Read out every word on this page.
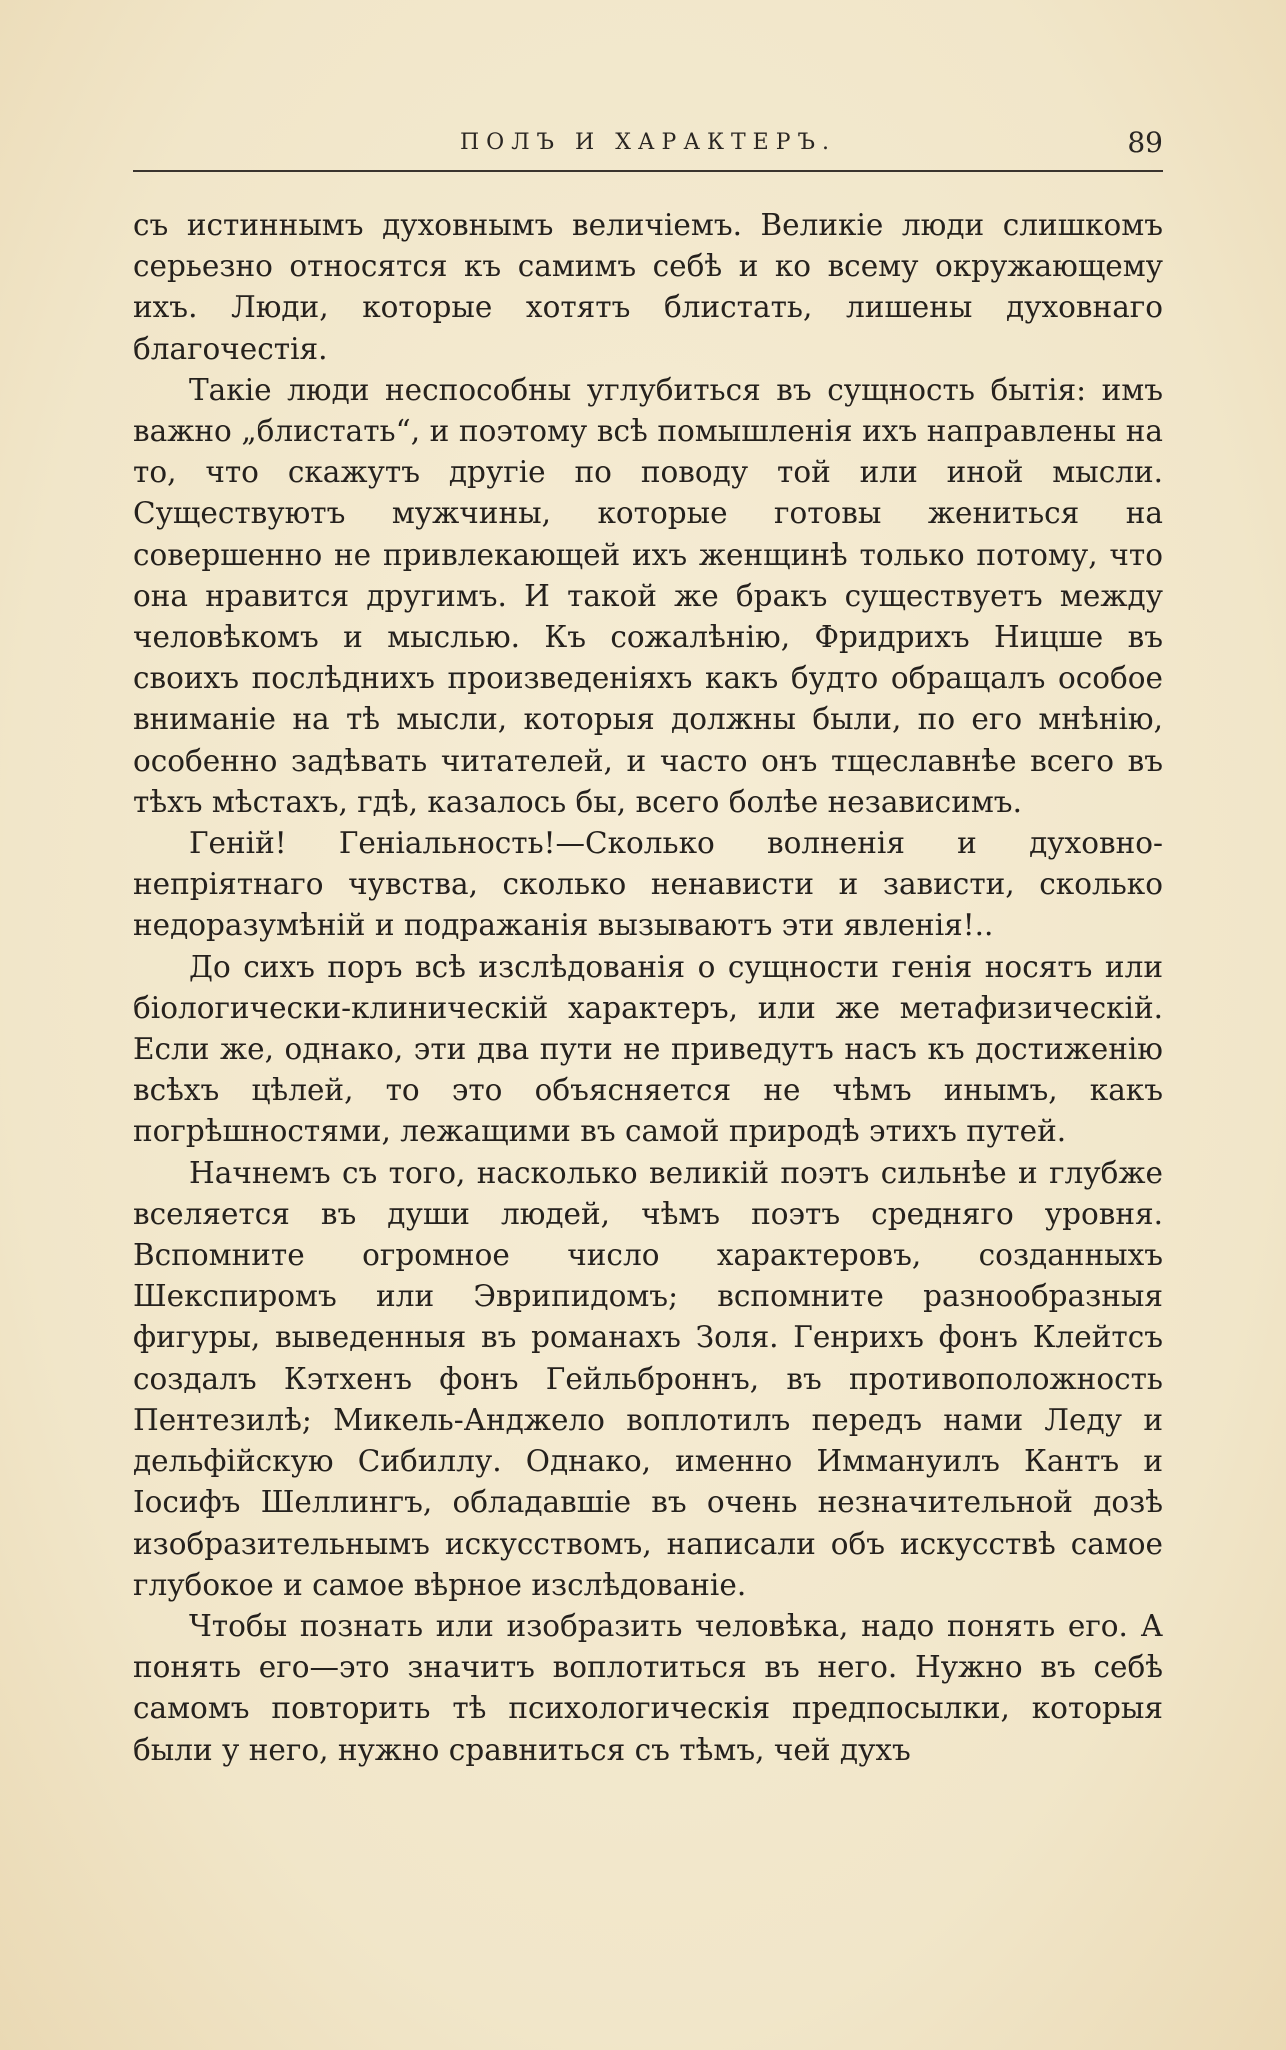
ПОЛЪ И ХАРАКТЕРЪ.	89

съ истиннымъ духовнымъ величіемъ. Великіе люди слишкомъ серьезно относятся къ самимъ себѣ и ко всему окружающему ихъ. Люди, которые хотятъ блистать, лишены духовнаго благочестія.

Такіе люди неспособны углубиться въ сущность бытія: имъ важно „блистать“, и поэтому всѣ помышленія ихъ направлены на то, что скажутъ другіе по поводу той или иной мысли. Существуютъ мужчины, которые готовы жениться на совершенно не привлекающей ихъ женщинѣ только потому, что она нравится другимъ. И такой же бракъ существуетъ между человѣкомъ и мыслью. Къ сожалѣнію, Фридрихъ Ницше въ своихъ послѣднихъ произведеніяхъ какъ будто обращалъ особое вниманіе на тѣ мысли, которыя должны были, по его мнѣнію, особенно задѣвать читателей, и часто онъ тщеславнѣе всего въ тѣхъ мѣстахъ, гдѣ, казалось бы, всего болѣе независимъ.

Геній! Геніальность!—Сколько волненія и духовно-непріятнаго чувства, сколько ненависти и зависти, сколько недоразумѣній и подражанія вызываютъ эти явленія!..

До сихъ поръ всѣ изслѣдованія о сущности генія носятъ или біологически-клиническій характеръ, или же метафизическій. Если же, однако, эти два пути не приведутъ насъ къ достиженію всѣхъ цѣлей, то это объясняется не чѣмъ инымъ, какъ погрѣшностями, лежащими въ самой природѣ этихъ путей.

Начнемъ съ того, насколько великій поэтъ сильнѣе и глубже вселяется въ души людей, чѣмъ поэтъ средняго уровня. Вспомните огромное число характеровъ, созданныхъ Шекспиромъ или Эврипидомъ; вспомните разнообразныя фигуры, выведенныя въ романахъ Золя. Генрихъ фонъ Клейтсъ создалъ Кэтхенъ фонъ Гейльброннъ, въ противоположность Пентезилѣ; Микель-Анджело воплотилъ передъ нами Леду и дельфійскую Сибиллу. Однако, именно Иммануилъ Кантъ и Іосифъ Шеллингъ, обладавшіе въ очень незначительной дозѣ изобразительнымъ искусствомъ, написали объ искусствѣ самое глубокое и самое вѣрное изслѣдованіе.

Чтобы познать или изобразить человѣка, надо понять его. А понять его—это значитъ воплотиться въ него. Нужно въ себѣ самомъ повторить тѣ психологическія предпосылки, которыя были у него, нужно сравниться съ тѣмъ, чей духъ
